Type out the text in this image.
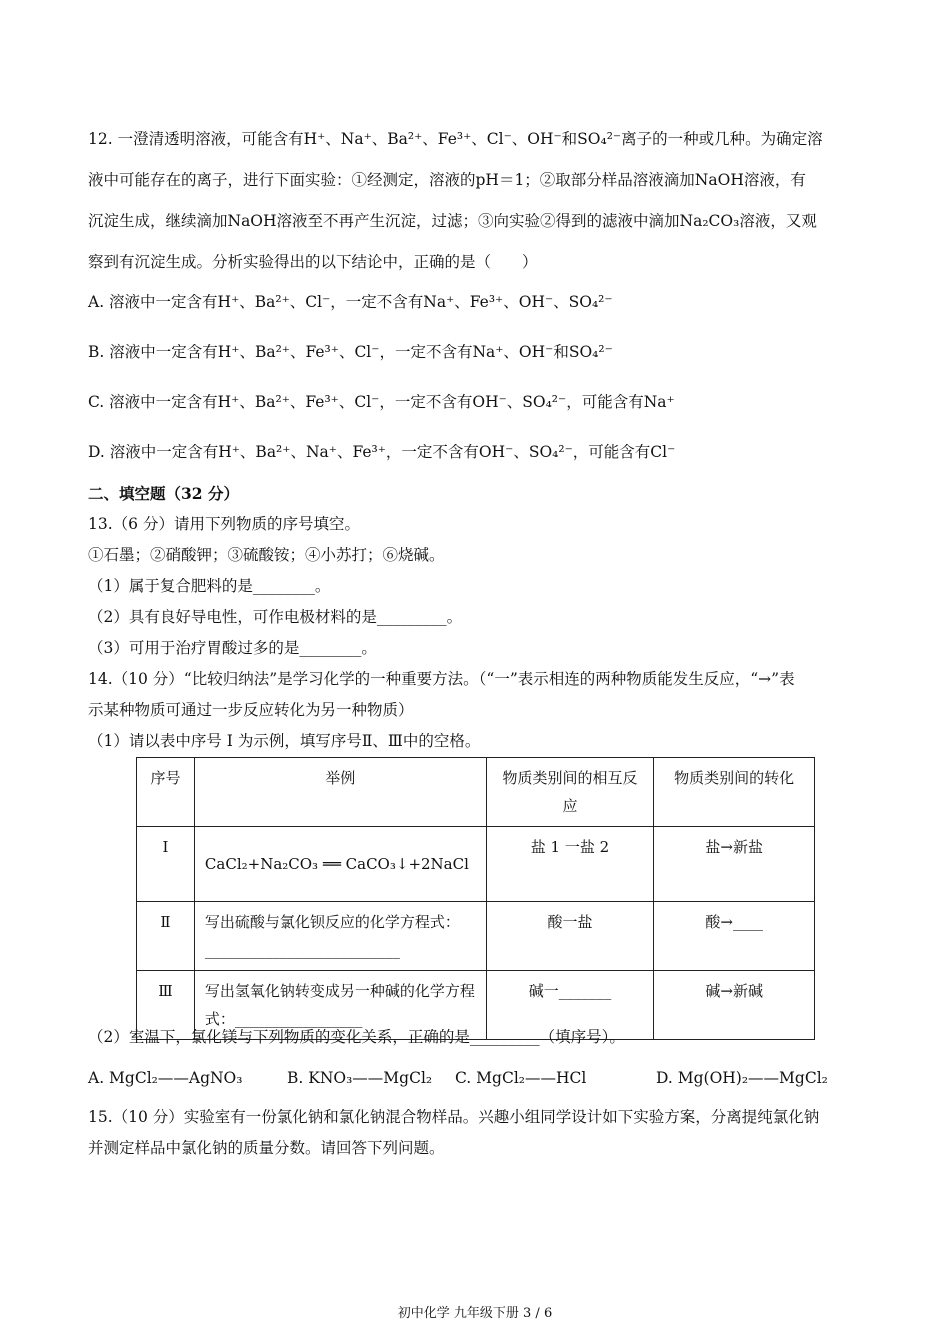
12. 一澄清透明溶液，可能含有H⁺、Na⁺、Ba²⁺、Fe³⁺、Cl⁻、OH⁻和SO₄²⁻离子的一种或几种。为确定溶
液中可能存在的离子，进行下面实验：①经测定，溶液的pH＝1；②取部分样品溶液滴加NaOH溶液，有
沉淀生成，继续滴加NaOH溶液至不再产生沉淀，过滤；③向实验②得到的滤液中滴加Na₂CO₃溶液，又观
察到有沉淀生成。分析实验得出的以下结论中，正确的是（　　）
A. 溶液中一定含有H⁺、Ba²⁺、Cl⁻，一定不含有Na⁺、Fe³⁺、OH⁻、SO₄²⁻
B. 溶液中一定含有H⁺、Ba²⁺、Fe³⁺、Cl⁻，一定不含有Na⁺、OH⁻和SO₄²⁻
C. 溶液中一定含有H⁺、Ba²⁺、Fe³⁺、Cl⁻，一定不含有OH⁻、SO₄²⁻，可能含有Na⁺
D. 溶液中一定含有H⁺、Ba²⁺、Na⁺、Fe³⁺，一定不含有OH⁻、SO₄²⁻，可能含有Cl⁻
二、填空题（32 分）
13.（6 分）请用下列物质的序号填空。
①石墨；②硝酸钾；③硫酸铵；④小苏打；⑥烧碱。
（1）属于复合肥料的是________。
（2）具有良好导电性，可作电极材料的是_________。
（3）可用于治疗胃酸过多的是________。
14.（10 分）“比较归纳法”是学习化学的一种重要方法。（“一”表示相连的两种物质能发生反应，“→”表
示某种物质可通过一步反应转化为另一种物质）
（1）请以表中序号 I 为示例，填写序号Ⅱ、Ⅲ中的空格。
序号	举例	物质类别间的相互反应	物质类别间的转化
I	CaCl₂+Na₂CO₃ ══ CaCO₃↓+2NaCl	盐 1 一盐 2	盐→新盐
Ⅱ	写出硫酸与氯化钡反应的化学方程式：__________________________	酸一盐	酸→____
Ⅲ	写出氢氧化钠转变成另一种碱的化学方程式：_________________	碱一_______	碱→新碱
（2）室温下，氯化镁与下列物质的变化关系，正确的是_________（填序号）。
A. MgCl₂——AgNO₃	B. KNO₃——MgCl₂ C. MgCl₂——HCl	D. Mg(OH)₂——MgCl₂
15.（10 分）实验室有一份氯化钠和氯化钠混合物样品。兴趣小组同学设计如下实验方案，分离提纯氯化钠
并测定样品中氯化钠的质量分数。请回答下列问题。
初中化学 九年级下册 3 / 6
